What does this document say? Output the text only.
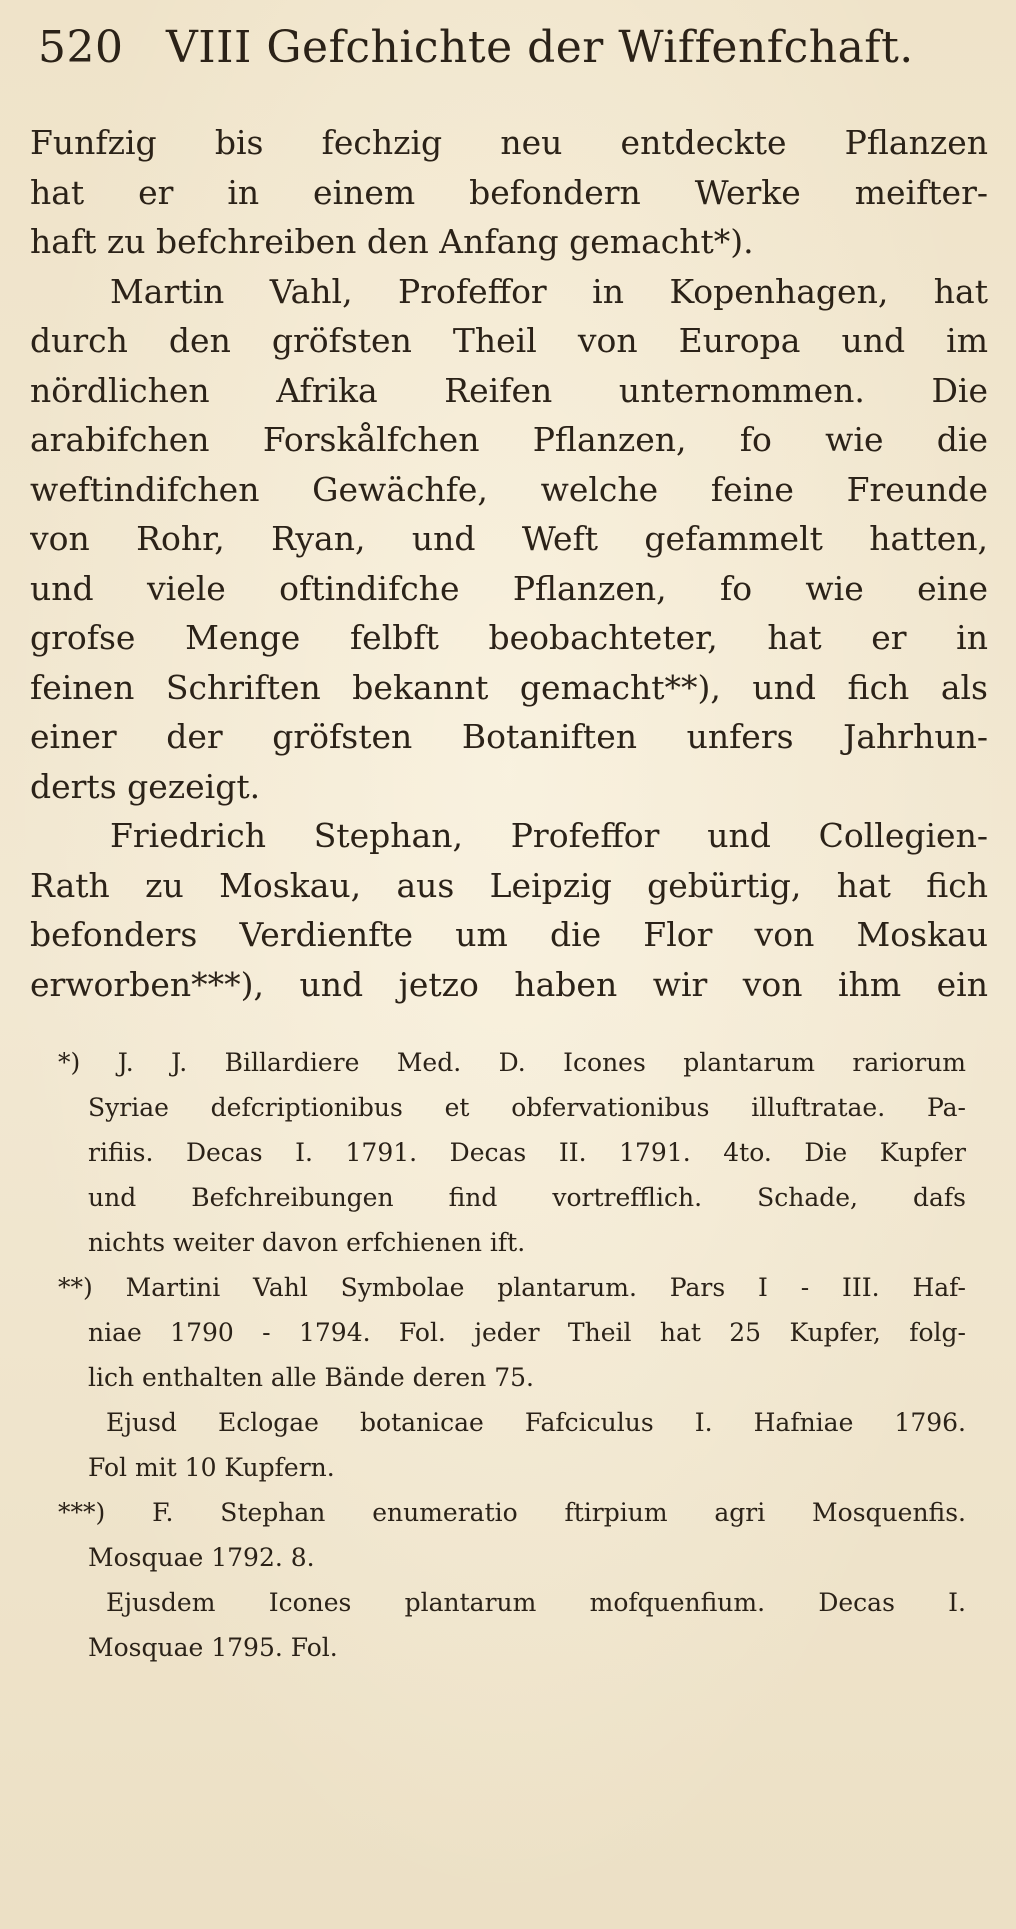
520 VIII Gefchichte der Wiffenfchaft.
Funfzig bis fechzig neu entdeckte Pflanzen
hat er in einem befondern Werke meifter-
haft zu befchreiben den Anfang gemacht*).
Martin Vahl, Profeffor in Kopenhagen, hat
durch den gröfsten Theil von Europa und im
nördlichen Afrika Reifen unternommen. Die
arabifchen Forskålfchen Pflanzen, fo wie die
weftindifchen Gewächfe, welche feine Freunde
von Rohr, Ryan, und Weft gefammelt hatten,
und viele oftindifche Pflanzen, fo wie eine
grofse Menge felbft beobachteter, hat er in
feinen Schriften bekannt gemacht**), und fich als
einer der gröfsten Botaniften unfers Jahrhun-
derts gezeigt.
Friedrich Stephan, Profeffor und Collegien-
Rath zu Moskau, aus Leipzig gebürtig, hat fich
befonders Verdienfte um die Flor von Moskau
erworben***), und jetzo haben wir von ihm ein
*) J. J. Billardiere Med. D. Icones plantarum rariorum
Syriae defcriptionibus et obfervationibus illuftratae. Pa-
rifiis. Decas I. 1791. Decas II. 1791. 4to. Die Kupfer
und Befchreibungen find vortrefflich. Schade, dafs
nichts weiter davon erfchienen ift.
**) Martini Vahl Symbolae plantarum. Pars I - III. Haf-
niae 1790 - 1794. Fol. jeder Theil hat 25 Kupfer, folg-
lich enthalten alle Bände deren 75.
Ejusd Eclogae botanicae Fafciculus I. Hafniae 1796.
Fol mit 10 Kupfern.
***) F. Stephan enumeratio ftirpium agri Mosquenfis.
Mosquae 1792. 8.
Ejusdem Icones plantarum mofquenfium. Decas I.
Mosquae 1795. Fol.
